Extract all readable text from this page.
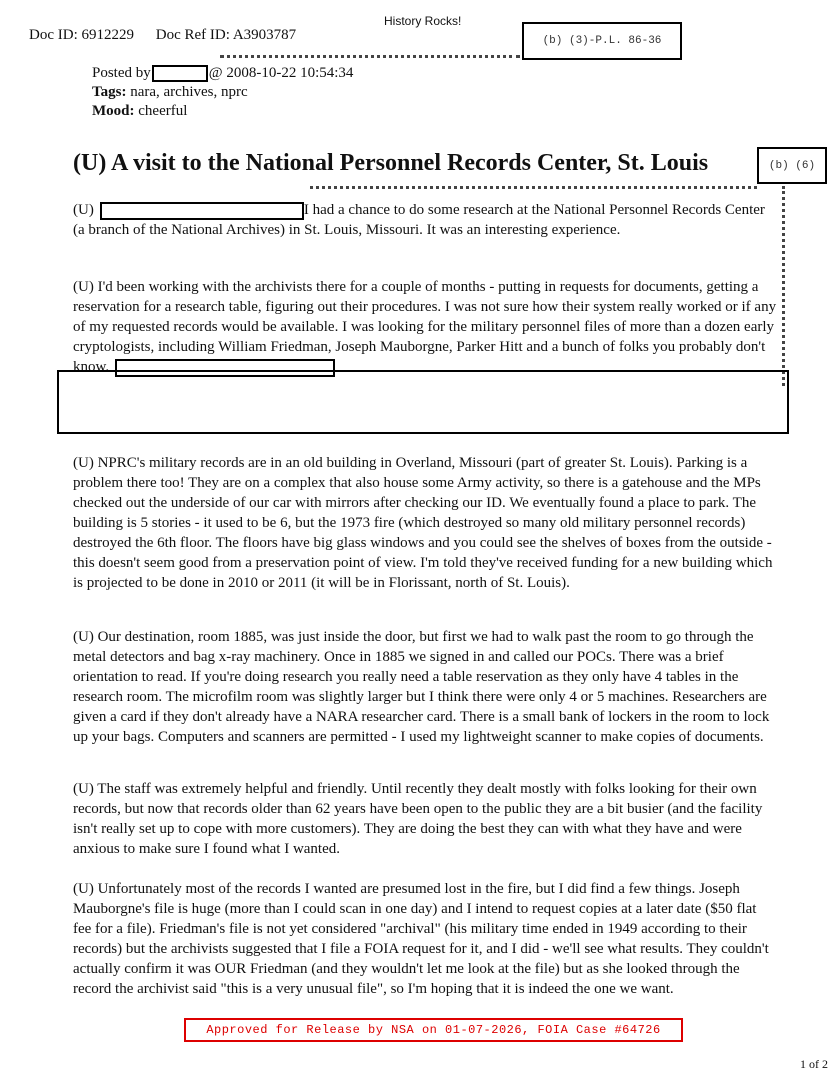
History Rocks!
Doc ID: 6912229 Doc Ref ID: A3903787	(b) (3)-P.L. 86-36
Posted by	@ 2008-10-22 10:54:34
Tags: nara, archives, nprc
Mood: cheerful
(U) A visit to the National Personnel Records Center, St. Louis	(b) (6)
(U)	I had a chance to do some research at the National Personnel Records Center (a branch of the National Archives) in St. Louis, Missouri. It was an interesting experience.
(U) I'd been working with the archivists there for a couple of months - putting in requests for documents, getting a reservation for a research table, figuring out their procedures. I was not sure how their system really worked or if any of my requested records would be available. I was looking for the military personnel files of more than a dozen early cryptologists, including William Friedman, Joseph Mauborgne, Parker Hitt and a bunch of folks you probably don't know.
(U) NPRC's military records are in an old building in Overland, Missouri (part of greater St. Louis). Parking is a problem there too! They are on a complex that also house some Army activity, so there is a gatehouse and the MPs checked out the underside of our car with mirrors after checking our ID. We eventually found a place to park. The building is 5 stories - it used to be 6, but the 1973 fire (which destroyed so many old military personnel records) destroyed the 6th floor. The floors have big glass windows and you could see the shelves of boxes from the outside - this doesn't seem good from a preservation point of view. I'm told they've received funding for a new building which is projected to be done in 2010 or 2011 (it will be in Florissant, north of St. Louis).
(U) Our destination, room 1885, was just inside the door, but first we had to walk past the room to go through the metal detectors and bag x-ray machinery. Once in 1885 we signed in and called our POCs. There was a brief orientation to read. If you're doing research you really need a table reservation as they only have 4 tables in the research room. The microfilm room was slightly larger but I think there were only 4 or 5 machines. Researchers are given a card if they don't already have a NARA researcher card. There is a small bank of lockers in the room to lock up your bags. Computers and scanners are permitted - I used my lightweight scanner to make copies of documents.
(U) The staff was extremely helpful and friendly. Until recently they dealt mostly with folks looking for their own records, but now that records older than 62 years have been open to the public they are a bit busier (and the facility isn't really set up to cope with more customers). They are doing the best they can with what they have and were anxious to make sure I found what I wanted.
(U) Unfortunately most of the records I wanted are presumed lost in the fire, but I did find a few things. Joseph Mauborgne's file is huge (more than I could scan in one day) and I intend to request copies at a later date ($50 flat fee for a file). Friedman's file is not yet considered "archival" (his military time ended in 1949 according to their records) but the archivists suggested that I file a FOIA request for it, and I did - we'll see what results. They couldn't actually confirm it was OUR Friedman (and they wouldn't let me look at the file) but as she looked through the record the archivist said "this is a very unusual file", so I'm hoping that it is indeed the one we want.
Approved for Release by NSA on 01-07-2026, FOIA Case #64726
1 of 2
